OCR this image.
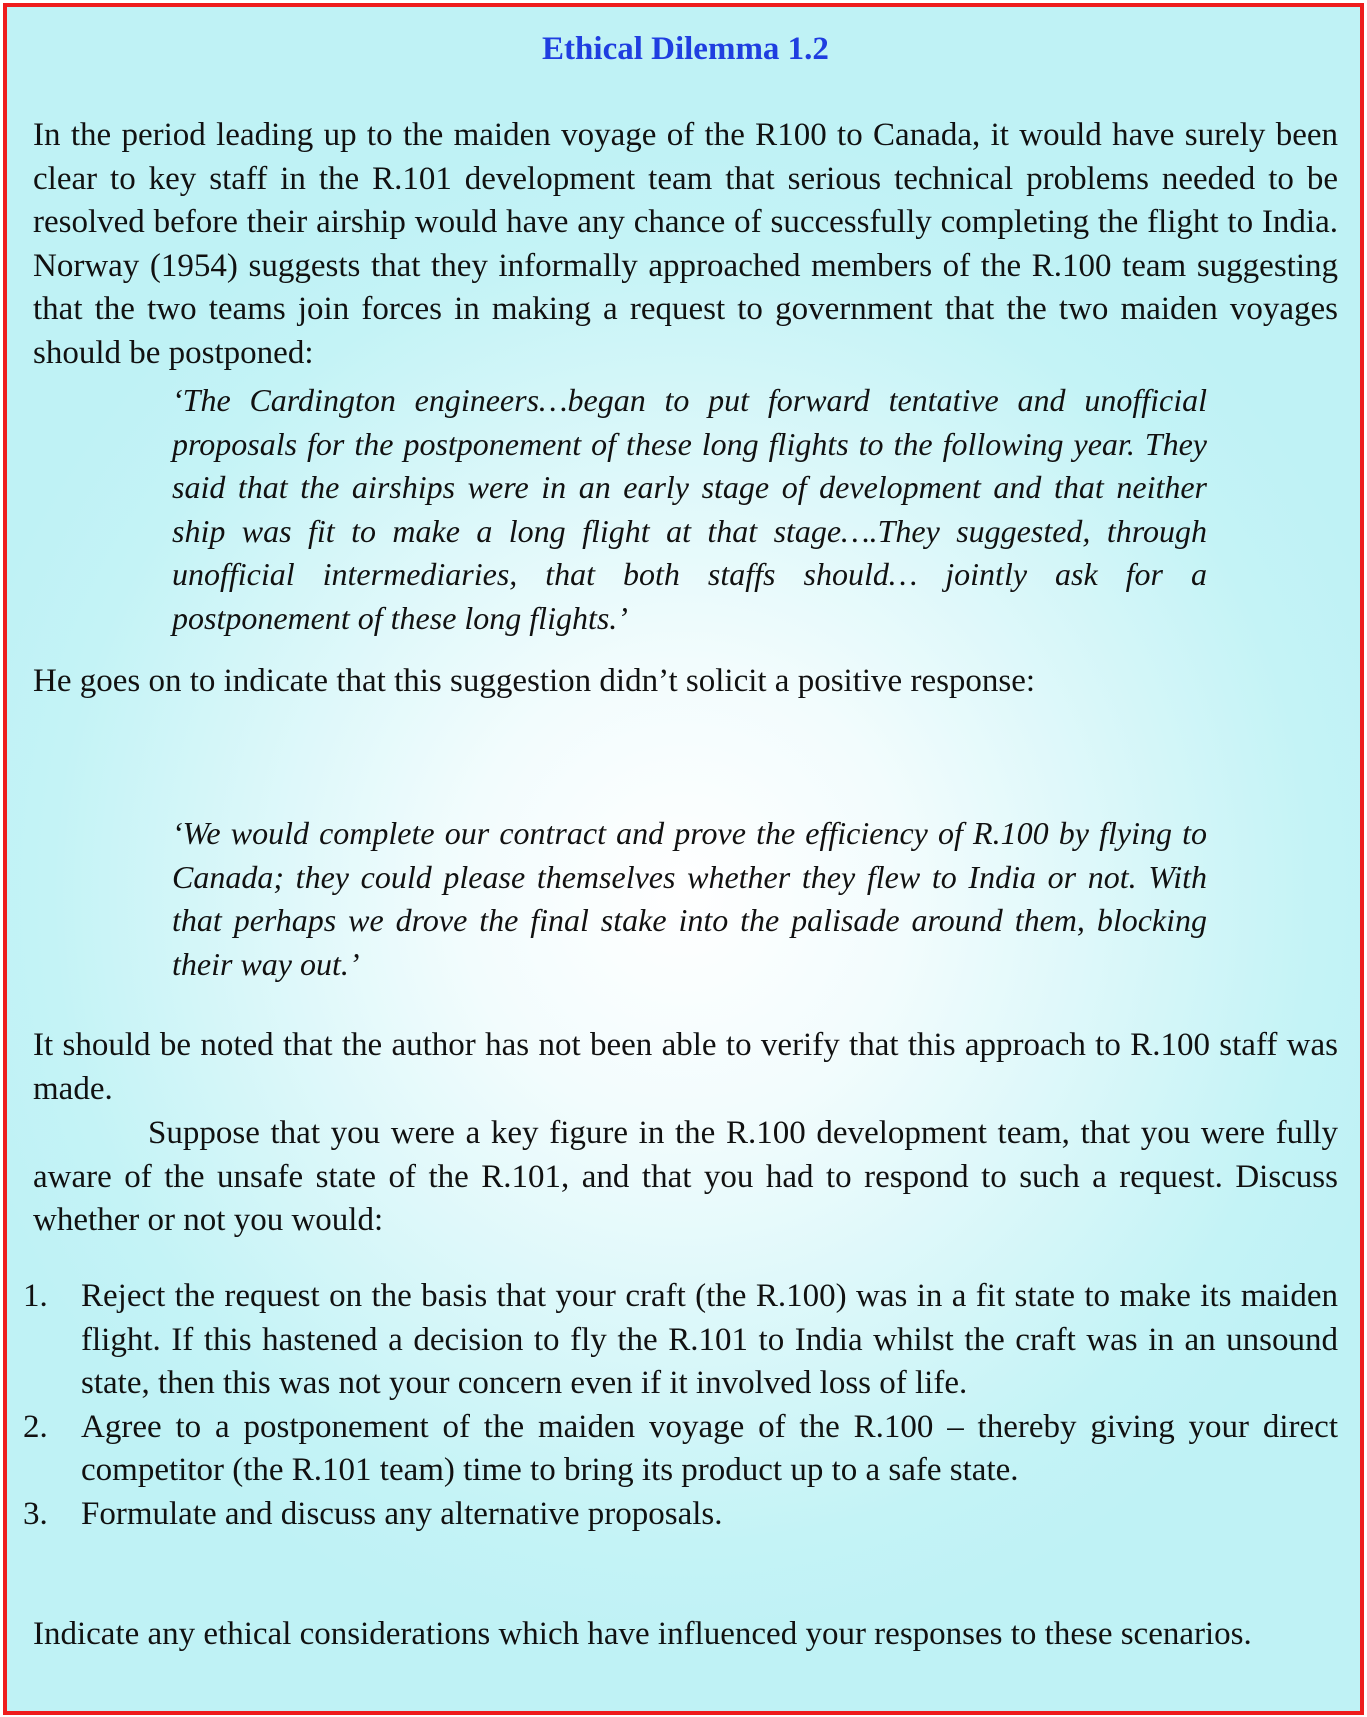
Ethical Dilemma 1.2
In the period leading up to the maiden voyage of the R100 to Canada, it would have surely been clear to key staff in the R.101 development team that serious technical problems needed to be resolved before their airship would have any chance of successfully completing the flight to India. Norway (1954) suggests that they informally approached members of the R.100 team suggesting that the two teams join forces in making a request to government that the two maiden voyages should be postponed:
‘The Cardington engineers…began to put forward tentative and unofficial proposals for the postponement of these long flights to the following year. They said that the airships were in an early stage of development and that neither ship was fit to make a long flight at that stage….They suggested, through unofficial intermediaries, that both staffs should… jointly ask for a postponement of these long flights.’
He goes on to indicate that this suggestion didn’t solicit a positive response:
‘We would complete our contract and prove the efficiency of R.100 by flying to Canada; they could please themselves whether they flew to India or not. With that perhaps we drove the final stake into the palisade around them, blocking their way out.’
It should be noted that the author has not been able to verify that this approach to R.100 staff was made.
Suppose that you were a key figure in the R.100 development team, that you were fully aware of the unsafe state of the R.101, and that you had to respond to such a request. Discuss whether or not you would:
1. Reject the request on the basis that your craft (the R.100) was in a fit state to make its maiden flight. If this hastened a decision to fly the R.101 to India whilst the craft was in an unsound state, then this was not your concern even if it involved loss of life.
2. Agree to a postponement of the maiden voyage of the R.100 – thereby giving your direct competitor (the R.101 team) time to bring its product up to a safe state.
3. Formulate and discuss any alternative proposals.
Indicate any ethical considerations which have influenced your responses to these scenarios.
